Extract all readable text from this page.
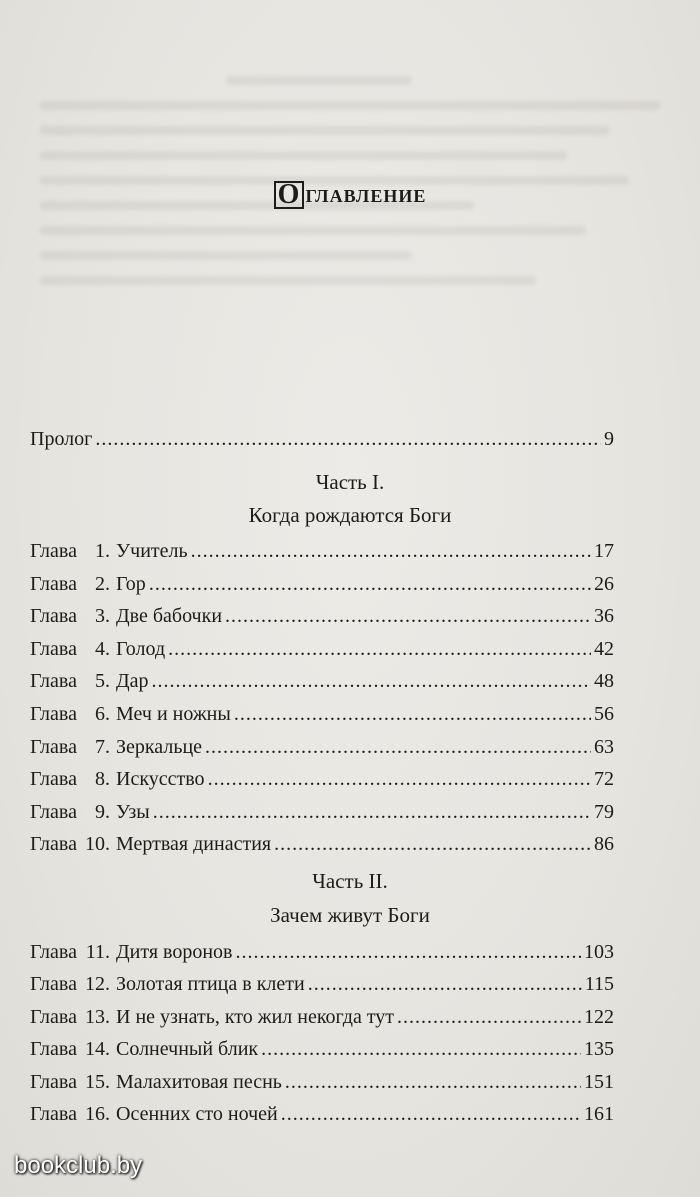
О главление
Пролог . . .	9
Часть I.
Когда рождаются Боги
Часть II.
Зачем живут Боги
Глава 1. Учитель . . .	17
Глава 2. Гор . . .	26
Глава 3. Две бабочки . . .	36
Глава 4. Голод . . .	42
Глава 5. Дар . . .	48
Глава 6. Меч и ножны . . .	56
Глава 7. Зеркальце . . .	63
Глава 8. Искусство . . .	72
Глава 9. Узы . . .	79
Глава 10. Мертвая династия . . .	86
Глава 11. Дитя воронов . . .	103
Глава 12. Золотая птица в клети . . .	115
Глава 13. И не узнать, кто жил некогда тут . . .	122
Глава 14. Солнечный блик . . .	135
Глава 15. Малахитовая песнь . . .	151
Глава 16. Осенних сто ночей . . .	161
bookclub.by
